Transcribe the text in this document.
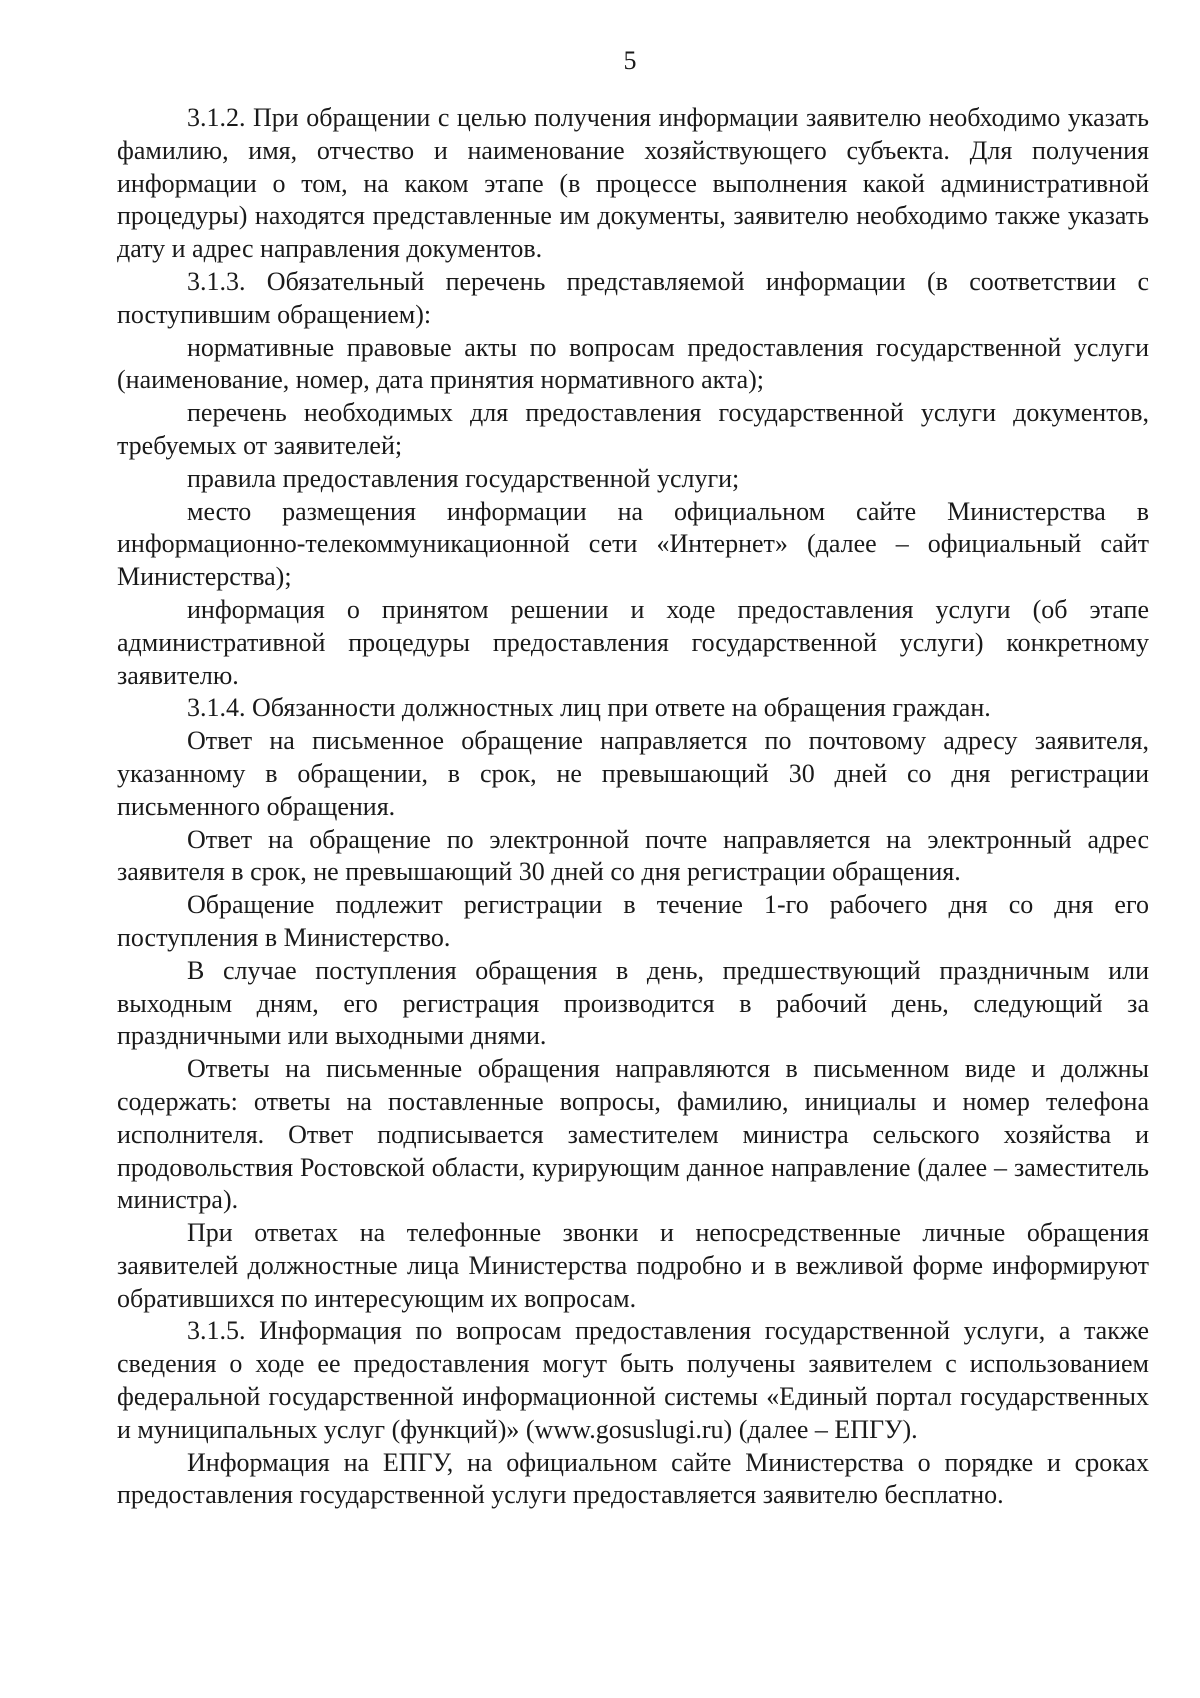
5

3.1.2. При обращении с целью получения информации заявителю необходимо указать фамилию, имя, отчество и наименование хозяйствующего субъекта. Для получения информации о том, на каком этапе (в процессе выполнения какой административной процедуры) находятся представленные им документы, заявителю необходимо также указать дату и адрес направления документов.

3.1.3. Обязательный перечень представляемой информации (в соответствии с поступившим обращением):

нормативные правовые акты по вопросам предоставления государственной услуги (наименование, номер, дата принятия нормативного акта);

перечень необходимых для предоставления государственной услуги документов, требуемых от заявителей;

правила предоставления государственной услуги;

место размещения информации на официальном сайте Министерства в информационно-телекоммуникационной сети «Интернет» (далее – официальный сайт Министерства);

информация о принятом решении и ходе предоставления услуги (об этапе административной процедуры предоставления государственной услуги) конкретному заявителю.

3.1.4. Обязанности должностных лиц при ответе на обращения граждан.

Ответ на письменное обращение направляется по почтовому адресу заявителя, указанному в обращении, в срок, не превышающий 30 дней со дня регистрации письменного обращения.

Ответ на обращение по электронной почте направляется на электронный адрес заявителя в срок, не превышающий 30 дней со дня регистрации обращения.

Обращение подлежит регистрации в течение 1-го рабочего дня со дня его поступления в Министерство.

В случае поступления обращения в день, предшествующий праздничным или выходным дням, его регистрация производится в рабочий день, следующий за праздничными или выходными днями.

Ответы на письменные обращения направляются в письменном виде и должны содержать: ответы на поставленные вопросы, фамилию, инициалы и номер телефона исполнителя. Ответ подписывается заместителем министра сельского хозяйства и продовольствия Ростовской области, курирующим данное направление (далее – заместитель министра).

При ответах на телефонные звонки и непосредственные личные обращения заявителей должностные лица Министерства подробно и в вежливой форме информируют обратившихся по интересующим их вопросам.

3.1.5. Информация по вопросам предоставления государственной услуги, а также сведения о ходе ее предоставления могут быть получены заявителем с использованием федеральной государственной информационной системы «Единый портал государственных и муниципальных услуг (функций)» (www.gosuslugi.ru) (далее – ЕПГУ).

Информация на ЕПГУ, на официальном сайте Министерства о порядке и сроках предоставления государственной услуги предоставляется заявителю бесплатно.
